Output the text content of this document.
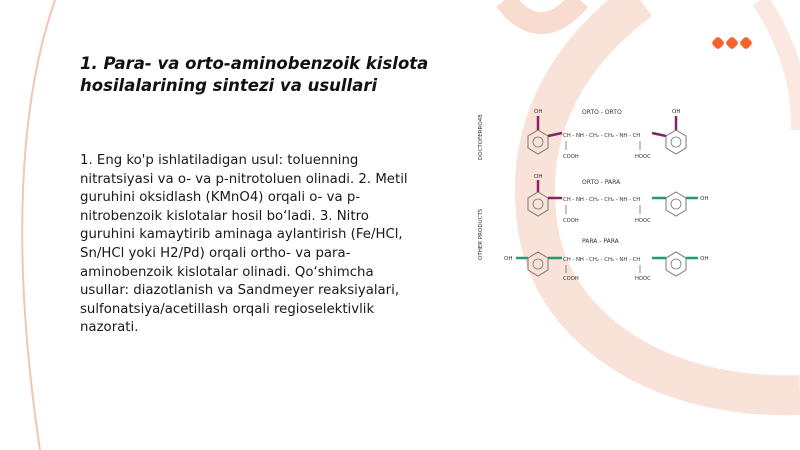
1. Para- va orto-aminobenzoik kislota hosilalarining sintezi va usullari

1. Eng ko'p ishlatiladigan usul: toluenning nitratsiyasi va o- va p-nitrotoluen olinadi. 2. Metil guruhini oksidlash (KMnO4) orqali o- va p-nitrobenzoik kislotalar hosil bo‘ladi. 3. Nitro guruhini kamaytirib aminaga aylantirish (Fe/HCl, Sn/HCl yoki H2/Pd) orqali ortho- va para-aminobenzoik kislotalar olinadi. Qo‘shimcha usullar: diazotlanish va Sandmeyer reaksiyalari, sulfonatsiya/acetillash orqali regioselektivlik nazorati.

DOCTOFERRO48
OTHER PRODUCTS
ORTO - ORTO
OH
CH - NH - CH₂ - CH₂ - NH - CH
COOH	HOOC
OH
ORTO - PARA
OH
CH - NH - CH₂ - CH₂ - NH - CH
COOH	HOOC
OH
PARA - PARA
OH	CH - NH - CH₂ - CH₂ - NH - CH
COOH	HOOC
OH
